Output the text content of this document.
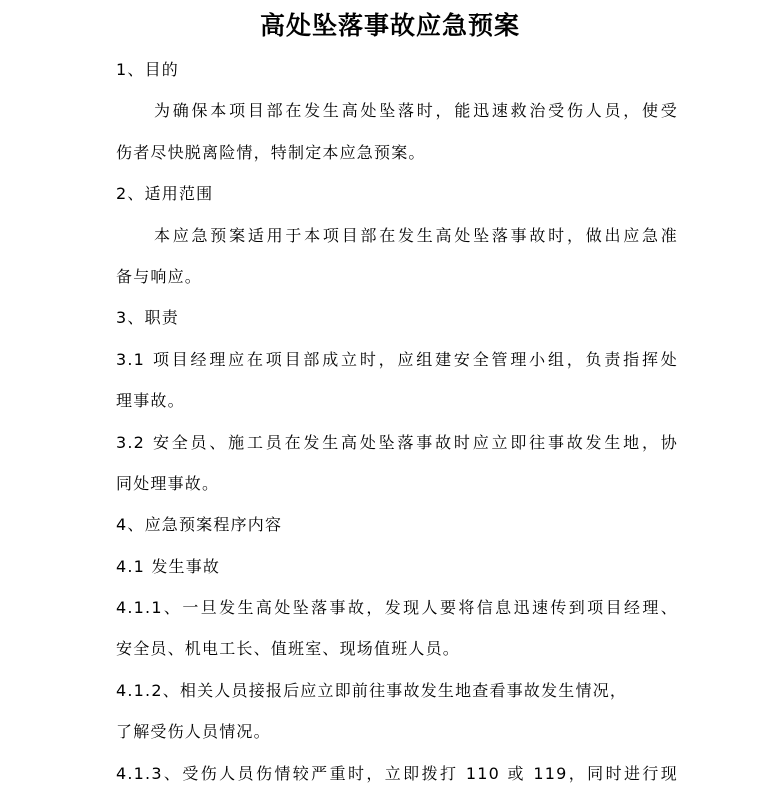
高处坠落事故应急预案
1、目的
为确保本项目部在发生高处坠落时，能迅速救治受伤人员，使受
伤者尽快脱离险情，特制定本应急预案。
2、适用范围
本应急预案适用于本项目部在发生高处坠落事故时，做出应急准
备与响应。
3、职责
3.1 项目经理应在项目部成立时，应组建安全管理小组，负责指挥处
理事故。
3.2 安全员、施工员在发生高处坠落事故时应立即往事故发生地，协
同处理事故。
4、应急预案程序内容
4.1 发生事故
4.1.1、一旦发生高处坠落事故，发现人要将信息迅速传到项目经理、
安全员、机电工长、值班室、现场值班人员。
4.1.2、相关人员接报后应立即前往事故发生地查看事故发生情况，
了解受伤人员情况。
4.1.3、受伤人员伤情较严重时，立即拨打 110 或 119，同时进行现
